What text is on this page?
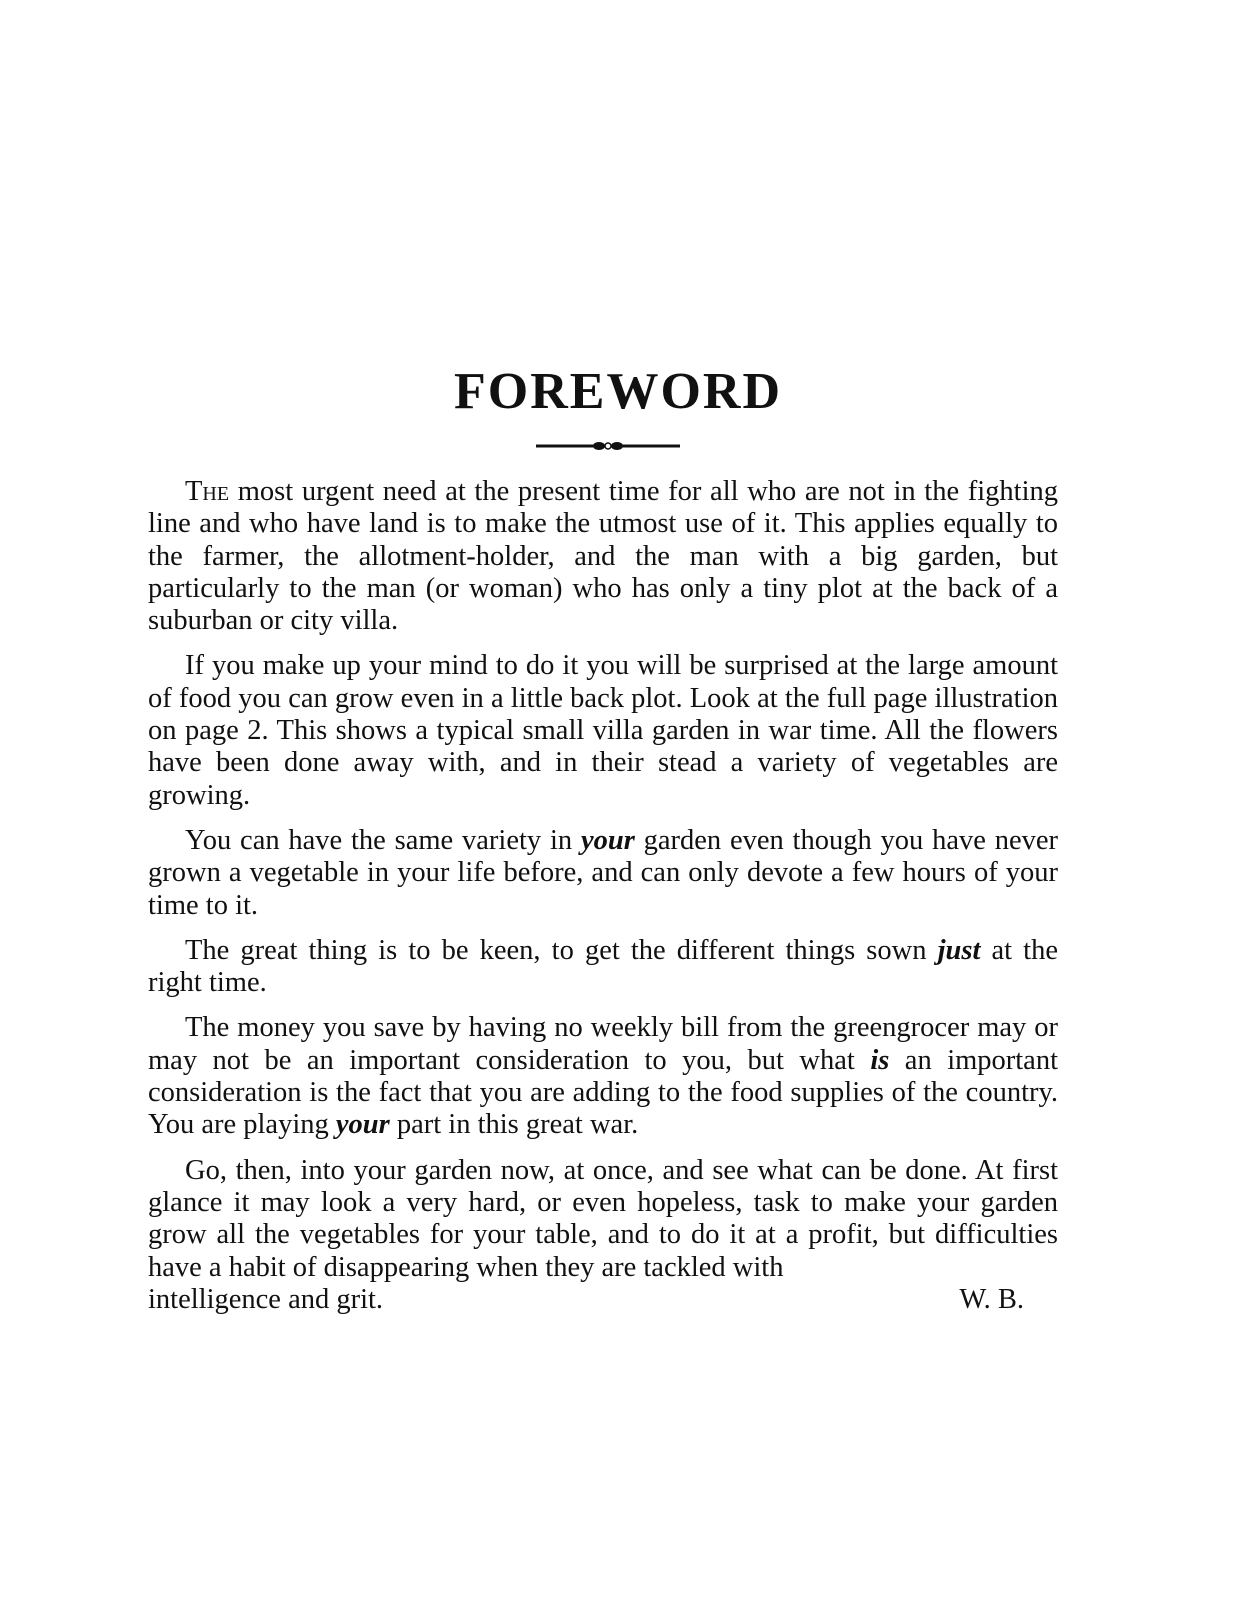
FOREWORD

The most urgent need at the present time for all who are not in the fighting line and who have land is to make the utmost use of it. This applies equally to the farmer, the allotment-holder, and the man with a big garden, but particularly to the man (or woman) who has only a tiny plot at the back of a suburban or city villa.

If you make up your mind to do it you will be surprised at the large amount of food you can grow even in a little back plot. Look at the full page illustration on page 2. This shows a typical small villa garden in war time. All the flowers have been done away with, and in their stead a variety of vegetables are growing.

You can have the same variety in your garden even though you have never grown a vegetable in your life before, and can only devote a few hours of your time to it.

The great thing is to be keen, to get the different things sown just at the right time.

The money you save by having no weekly bill from the greengrocer may or may not be an important consideration to you, but what is an important consideration is the fact that you are adding to the food supplies of the country. You are playing your part in this great war.

Go, then, into your garden now, at once, and see what can be done. At first glance it may look a very hard, or even hopeless, task to make your garden grow all the vegetables for your table, and to do it at a profit, but difficulties have a habit of disappearing when they are tackled with

intelligence and grit.	W. B.
